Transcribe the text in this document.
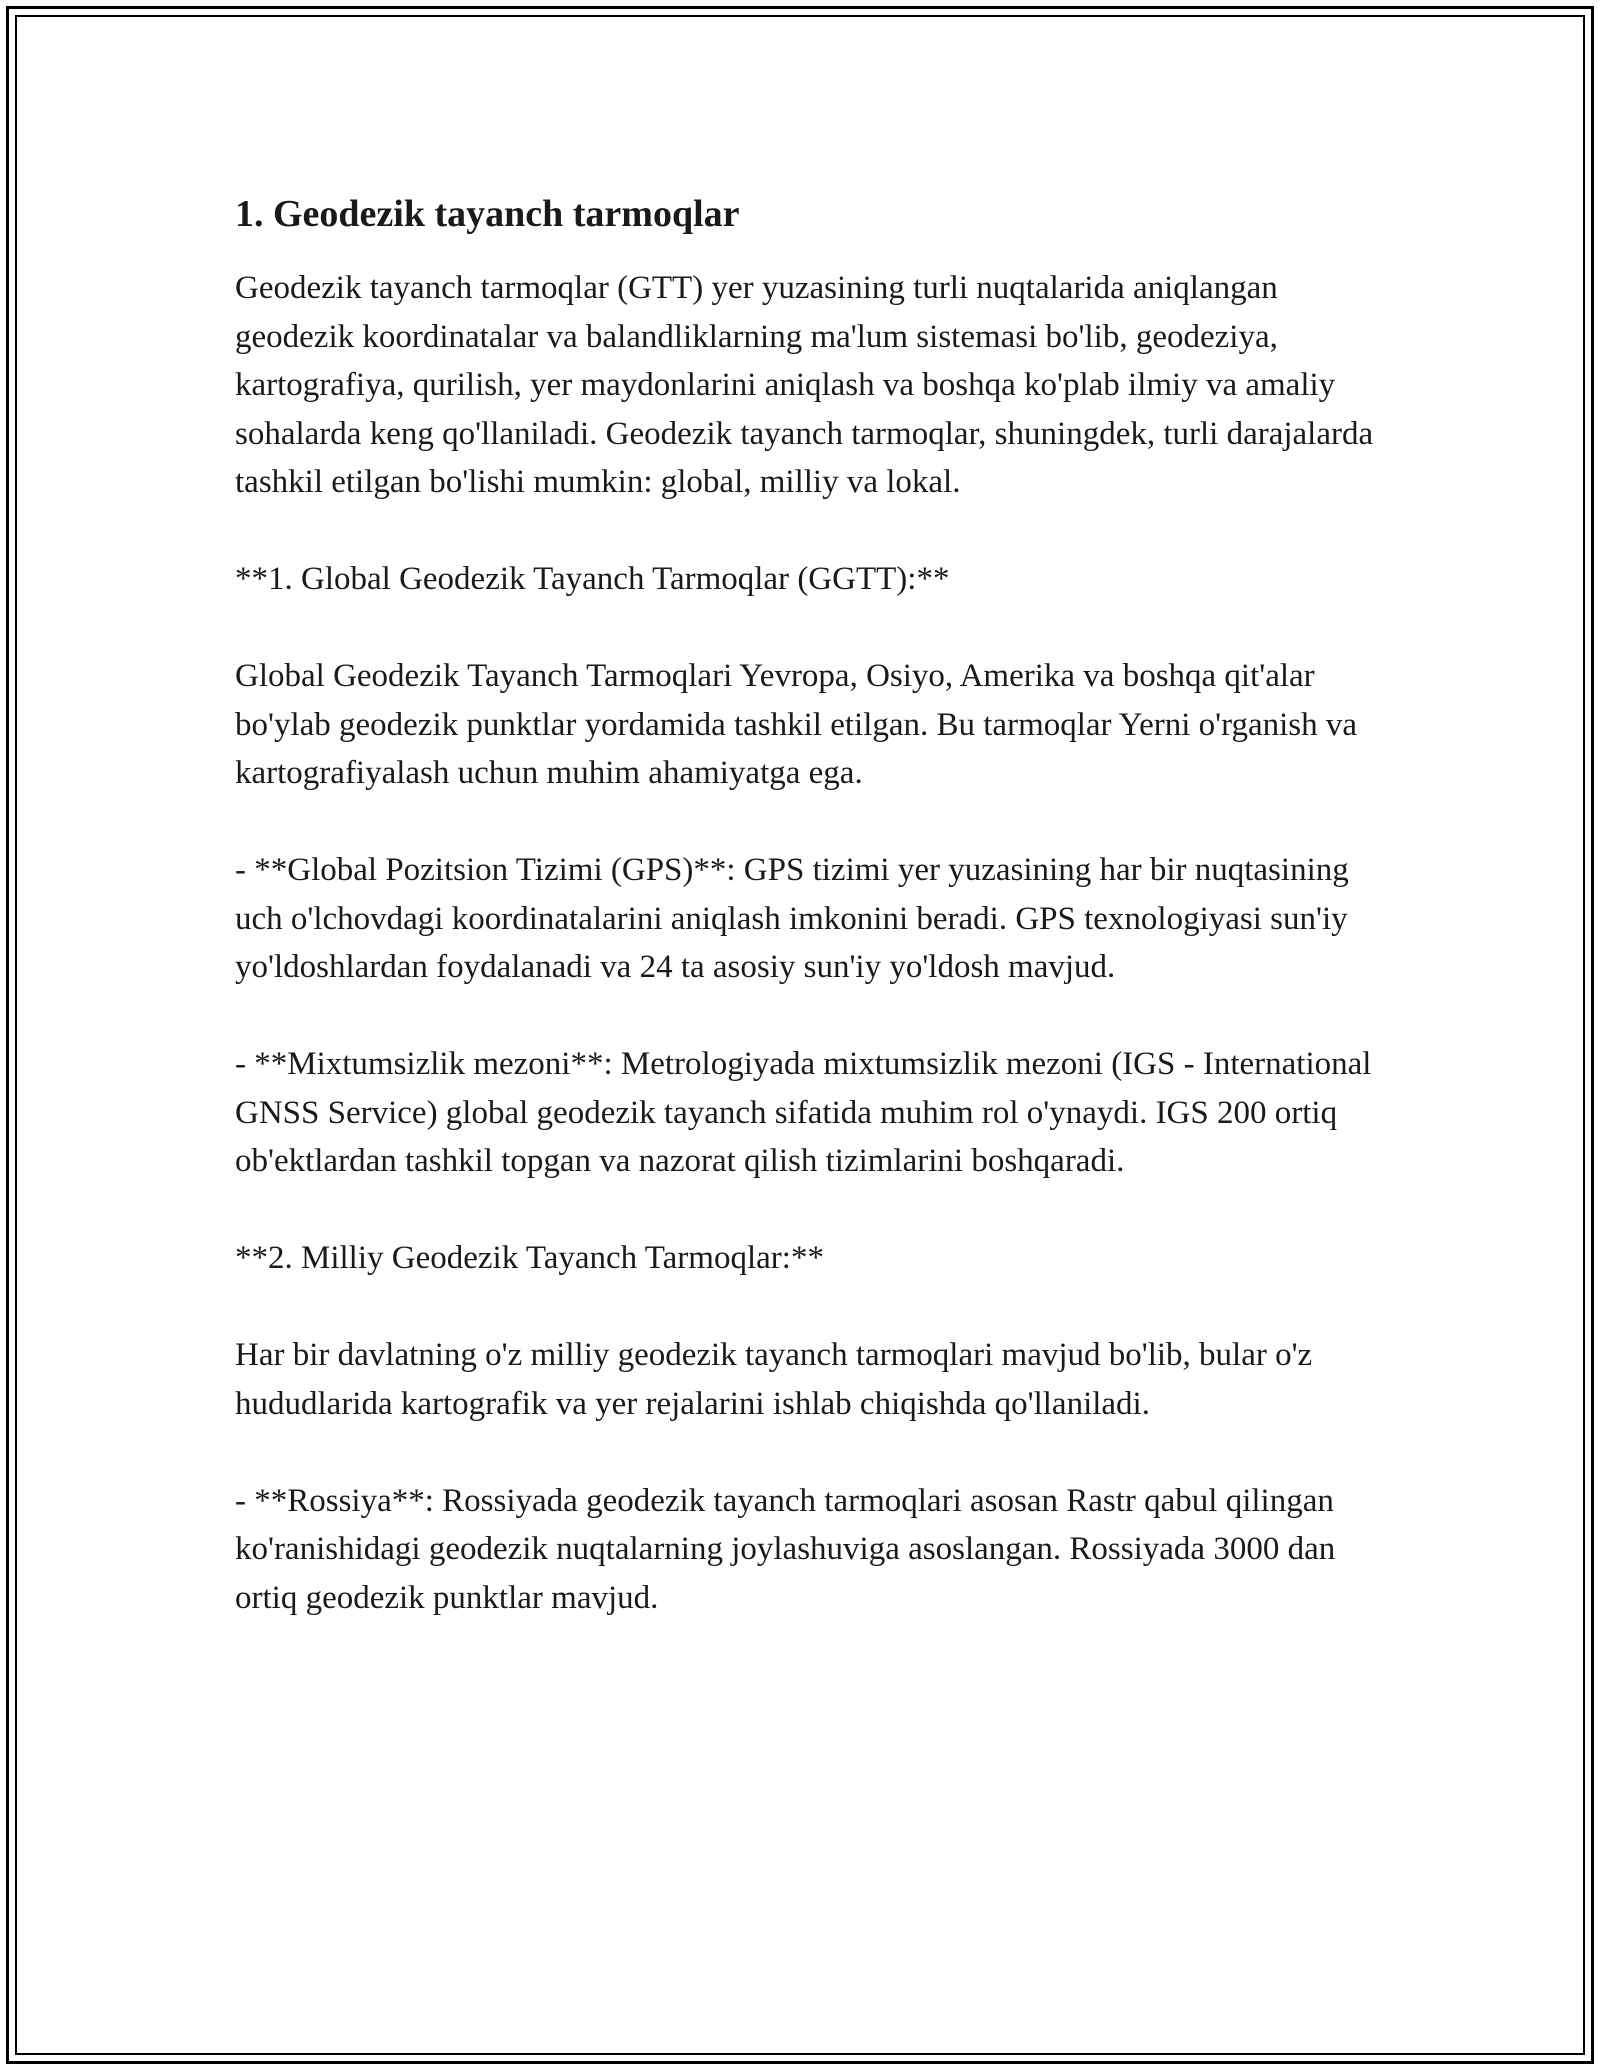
1. Geodezik tayanch tarmoqlar

Geodezik tayanch tarmoqlar (GTT) yer yuzasining turli nuqtalarida aniqlangan geodezik koordinatalar va balandliklarning ma'lum sistemasi bo'lib, geodeziya, kartografiya, qurilish, yer maydonlarini aniqlash va boshqa ko'plab ilmiy va amaliy sohalarda keng qo'llaniladi. Geodezik tayanch tarmoqlar, shuningdek, turli darajalarda tashkil etilgan bo'lishi mumkin: global, milliy va lokal.

**1. Global Geodezik Tayanch Tarmoqlar (GGTT):**

Global Geodezik Tayanch Tarmoqlari Yevropa, Osiyo, Amerika va boshqa qit'alar bo'ylab geodezik punktlar yordamida tashkil etilgan. Bu tarmoqlar Yerni o'rganish va kartografiyalash uchun muhim ahamiyatga ega.

- **Global Pozitsion Tizimi (GPS)**: GPS tizimi yer yuzasining har bir nuqtasining uch o'lchovdagi koordinatalarini aniqlash imkonini beradi. GPS texnologiyasi sun'iy yo'ldoshlardan foydalanadi va 24 ta asosiy sun'iy yo'ldosh mavjud.

- **Mixtumsizlik mezoni**: Metrologiyada mixtumsizlik mezoni (IGS - International GNSS Service) global geodezik tayanch sifatida muhim rol o'ynaydi. IGS 200 ortiq ob'ektlardan tashkil topgan va nazorat qilish tizimlarini boshqaradi.

**2. Milliy Geodezik Tayanch Tarmoqlar:**

Har bir davlatning o'z milliy geodezik tayanch tarmoqlari mavjud bo'lib, bular o'z hududlarida kartografik va yer rejalarini ishlab chiqishda qo'llaniladi.

- **Rossiya**: Rossiyada geodezik tayanch tarmoqlari asosan Rastr qabul qilingan ko'ranishidagi geodezik nuqtalarning joylashuviga asoslangan. Rossiyada 3000 dan ortiq geodezik punktlar mavjud.
